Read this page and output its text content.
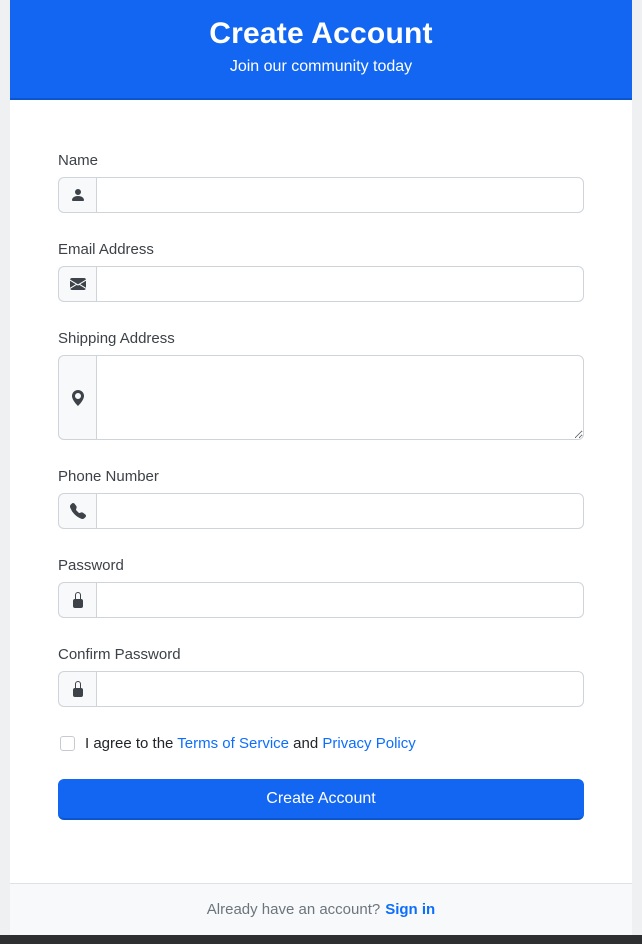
Create Account
Join our community today
Name
Email Address
Shipping Address
Phone Number
Password
Confirm Password
I agree to the Terms of Service and Privacy Policy
Create Account
Already have an account? Sign in
